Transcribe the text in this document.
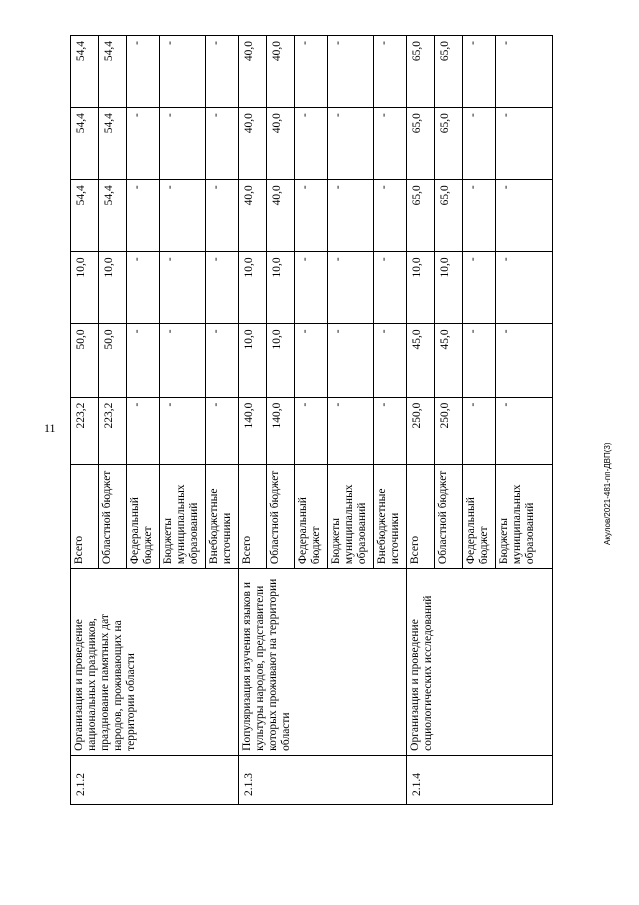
11
Акулов/2021-481-пп-ДВП(3)
2.1.2	Организация и проведение национальных праздников, празднование памятных дат народов, проживающих на территории области	Всего	223,2	50,0	10,0	54,4	54,4	54,4
		Областной бюджет	223,2	50,0	10,0	54,4	54,4	54,4
		Федеральный бюджет	-	-	-	-	-	-
		Бюджеты муниципальных образований	-	-	-	-	-	-
		Внебюджетные источники	-	-	-	-	-	-
2.1.3	Популяризация изучения языков и культуры народов, представители которых проживают на территории области	Всего	140,0	10,0	10,0	40,0	40,0	40,0
		Областной бюджет	140,0	10,0	10,0	40,0	40,0	40,0
		Федеральный бюджет	-	-	-	-	-	-
		Бюджеты муниципальных образований	-	-	-	-	-	-
		Внебюджетные источники	-	-	-	-	-	-
2.1.4	Организация и проведение социологических исследований	Всего	250,0	45,0	10,0	65,0	65,0	65,0
		Областной бюджет	250,0	45,0	10,0	65,0	65,0	65,0
		Федеральный бюджет	-	-	-	-	-	-
		Бюджеты муниципальных образований	-	-	-	-	-	-
